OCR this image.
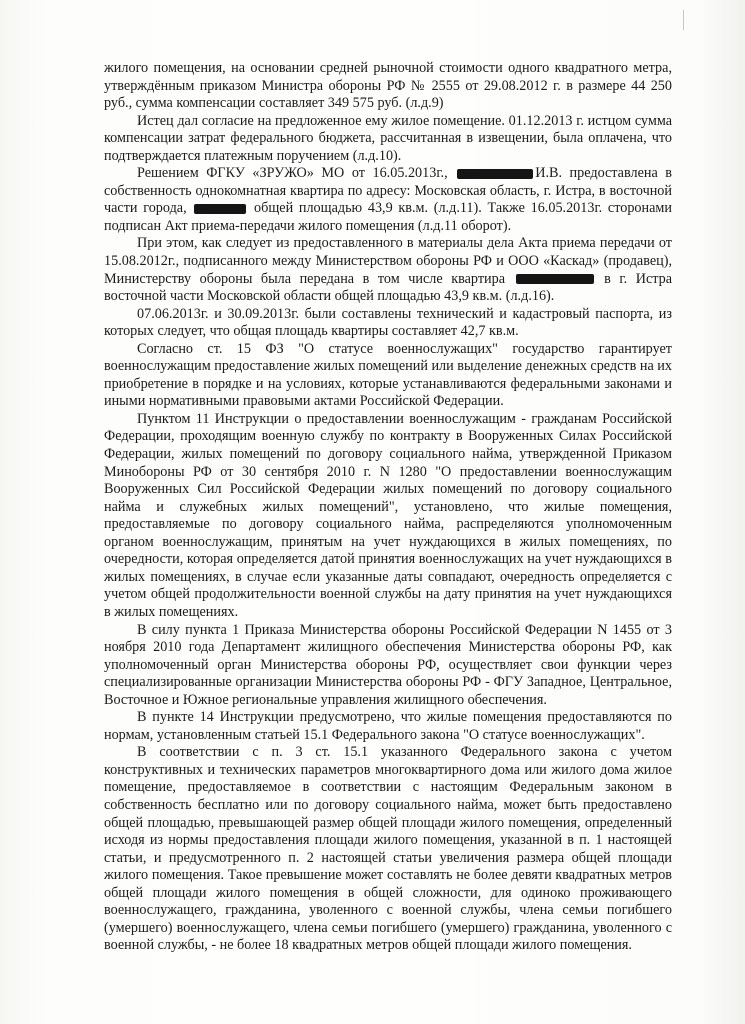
жилого помещения, на основании средней рыночной стоимости одного квадратного метра, утверждённым приказом Министра обороны РФ № 2555 от 29.08.2012 г. в размере 44 250 руб., сумма компенсации составляет 349 575 руб. (л.д.9)

Истец дал согласие на предложенное ему жилое помещение. 01.12.2013 г. истцом сумма компенсации затрат федерального бюджета, рассчитанная в извещении, была оплачена, что подтверждается платежным поручением (л.д.10).

Решением ФГКУ «ЗРУЖО» МО от 16.05.2013г.,	И.В. предоставлена в собственность однокомнатная квартира по адресу: Московская область, г. Истра, в восточной части города,	общей площадью 43,9 кв.м. (л.д.11). Также 16.05.2013г. сторонами подписан Акт приема-передачи жилого помещения (л.д.11 оборот).

При этом, как следует из предоставленного в материалы дела Акта приема передачи от 15.08.2012г., подписанного между Министерством обороны РФ и ООО «Каскад» (продавец), Министерству обороны была передана в том числе квартира	в г. Истра восточной части Московской области общей площадью 43,9 кв.м. (л.д.16).

07.06.2013г. и 30.09.2013г. были составлены технический и кадастровый паспорта, из которых следует, что общая площадь квартиры составляет 42,7 кв.м.

Согласно ст. 15 ФЗ "О статусе военнослужащих" государство гарантирует военнослужащим предоставление жилых помещений или выделение денежных средств на их приобретение в порядке и на условиях, которые устанавливаются федеральными законами и иными нормативными правовыми актами Российской Федерации.

Пунктом 11 Инструкции о предоставлении военнослужащим - гражданам Российской Федерации, проходящим военную службу по контракту в Вооруженных Силах Российской Федерации, жилых помещений по договору социального найма, утвержденной Приказом Минобороны РФ от 30 сентября 2010 г. N 1280 "О предоставлении военнослужащим Вооруженных Сил Российской Федерации жилых помещений по договору социального найма и служебных жилых помещений", установлено, что жилые помещения, предоставляемые по договору социального найма, распределяются уполномоченным органом военнослужащим, принятым на учет нуждающихся в жилых помещениях, по очередности, которая определяется датой принятия военнослужащих на учет нуждающихся в жилых помещениях, в случае если указанные даты совпадают, очередность определяется с учетом общей продолжительности военной службы на дату принятия на учет нуждающихся в жилых помещениях.

В силу пункта 1 Приказа Министерства обороны Российской Федерации N 1455 от 3 ноября 2010 года Департамент жилищного обеспечения Министерства обороны РФ, как уполномоченный орган Министерства обороны РФ, осуществляет свои функции через специализированные организации Министерства обороны РФ - ФГУ Западное, Центральное, Восточное и Южное региональные управления жилищного обеспечения.

В пункте 14 Инструкции предусмотрено, что жилые помещения предоставляются по нормам, установленным статьей 15.1 Федерального закона "О статусе военнослужащих".

В соответствии с п. 3 ст. 15.1 указанного Федерального закона с учетом конструктивных и технических параметров многоквартирного дома или жилого дома жилое помещение, предоставляемое в соответствии с настоящим Федеральным законом в собственность бесплатно или по договору социального найма, может быть предоставлено общей площадью, превышающей размер общей площади жилого помещения, определенный исходя из нормы предоставления площади жилого помещения, указанной в п. 1 настоящей статьи, и предусмотренного п. 2 настоящей статьи увеличения размера общей площади жилого помещения. Такое превышение может составлять не более девяти квадратных метров общей площади жилого помещения в общей сложности, для одиноко проживающего военнослужащего, гражданина, уволенного с военной службы, члена семьи погибшего (умершего) военнослужащего, члена семьи погибшего (умершего) гражданина, уволенного с военной службы, - не более 18 квадратных метров общей площади жилого помещения.
